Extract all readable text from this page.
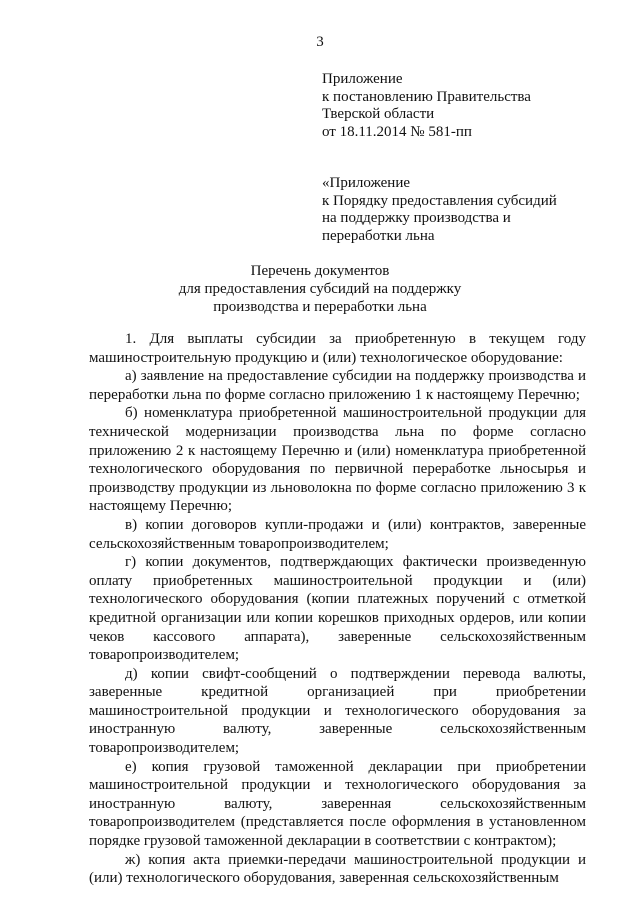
3
Приложение
к постановлению Правительства
Тверской области
от 18.11.2014 № 581-пп
«Приложение
к Порядку предоставления субсидий
на поддержку производства и
переработки льна
Перечень документов
для предоставления субсидий на поддержку
производства и переработки льна

1. Для выплаты субсидии за приобретенную в текущем году машиностроительную продукцию и (или) технологическое оборудование:

а) заявление на предоставление субсидии на поддержку производства и переработки льна по форме согласно приложению 1 к настоящему Перечню;

б) номенклатура приобретенной машиностроительной продукции для технической модернизации производства льна по форме согласно приложению 2 к настоящему Перечню и (или) номенклатура приобретенной технологического оборудования по первичной переработке льносырья и производству продукции из льноволокна по форме согласно приложению 3 к настоящему Перечню;

в) копии договоров купли-продажи и (или) контрактов, заверенные сельскохозяйственным товаропроизводителем;

г) копии документов, подтверждающих фактически произведенную оплату приобретенных машиностроительной продукции и (или) технологического оборудования (копии платежных поручений с отметкой кредитной организации или копии корешков приходных ордеров, или копии чеков кассового аппарата), заверенные сельскохозяйственным товаропроизводителем;

д) копии свифт-сообщений о подтверждении перевода валюты, заверенные кредитной организацией при приобретении машиностроительной продукции и технологического оборудования за иностранную валюту, заверенные сельскохозяйственным товаропроизводителем;

е) копия грузовой таможенной декларации при приобретении машиностроительной продукции и технологического оборудования за иностранную валюту, заверенная сельскохозяйственным товаропроизводителем (представляется после оформления в установленном порядке грузовой таможенной декларации в соответствии с контрактом);

ж) копия акта приемки-передачи машиностроительной продукции и (или) технологического оборудования, заверенная сельскохозяйственным
